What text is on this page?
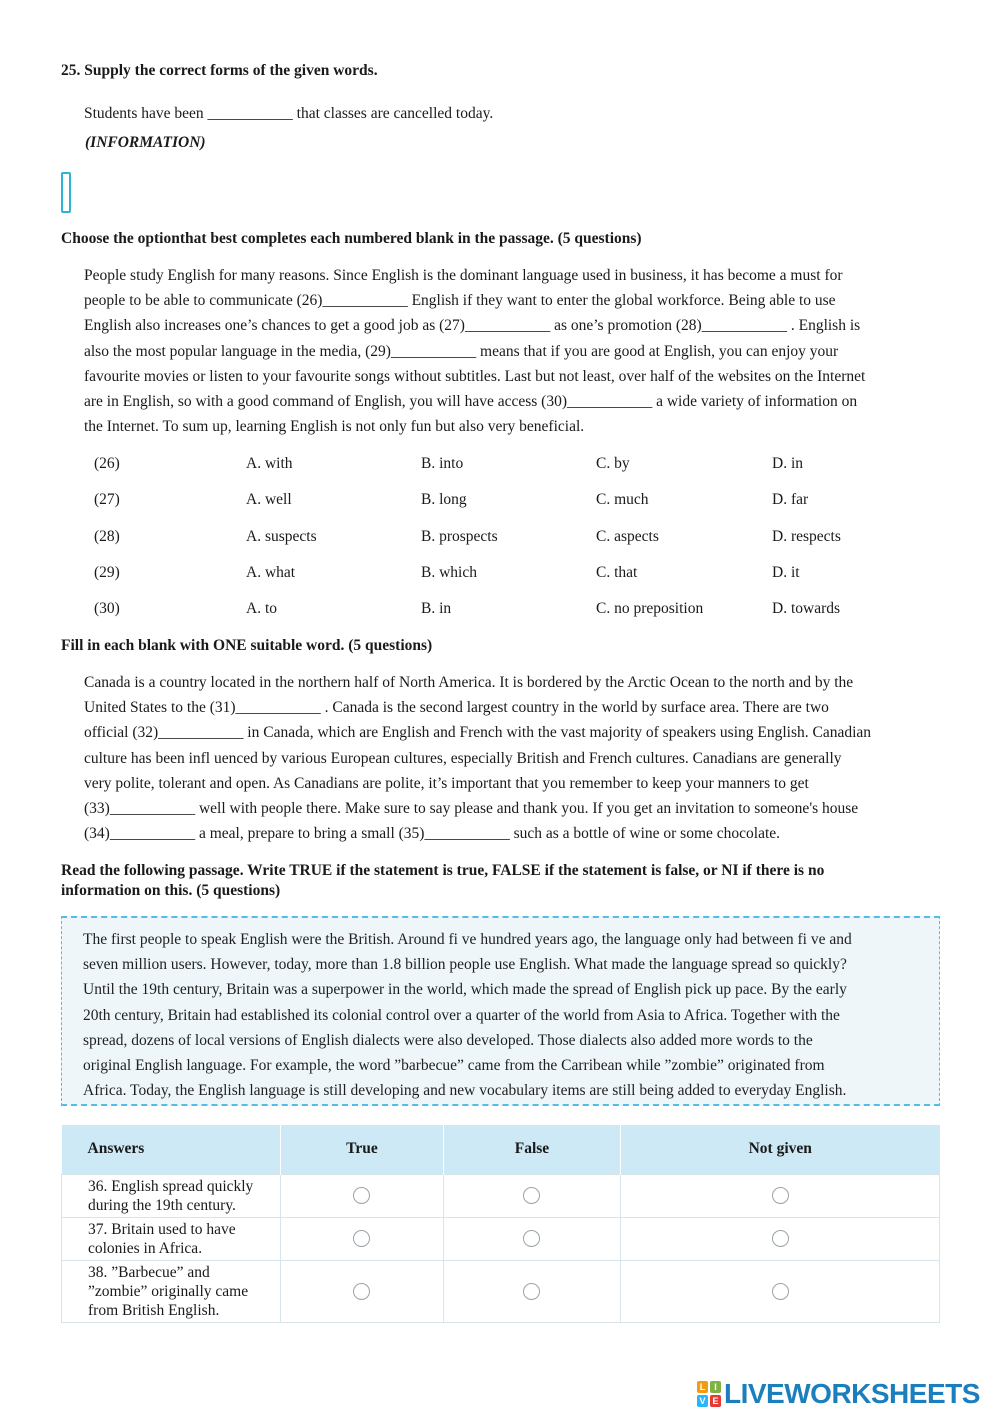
25. Supply the correct forms of the given words.

Students have been ___________ that classes are cancelled today.

(INFORMATION)
Choose the optionthat best completes each numbered blank in the passage. (5 questions)

People study English for many reasons. Since English is the dominant language used in business, it has become a must for

people to be able to communicate (26)___________ English if they want to enter the global workforce. Being able to use

English also increases one’s chances to get a good job as (27)___________ as one’s promotion (28)___________ . English is

also the most popular language in the media, (29)___________ means that if you are good at English, you can enjoy your

favourite movies or listen to your favourite songs without subtitles. Last but not least, over half of the websites on the Internet

are in English, so with a good command of English, you will have access (30)___________ a wide variety of information on

the Internet. To sum up, learning English is not only fun but also very beneficial.

(26)	A. with	B. into	C. by	D. in
(27)	A. well	B. long	C. much	D. far
(28)	A. suspects	B. prospects	C. aspects	D. respects
(29)	A. what	B. which	C. that	D. it
(30)	A. to	B. in	C. no preposition	D. towards
Fill in each blank with ONE suitable word. (5 questions)

Canada is a country located in the northern half of North America. It is bordered by the Arctic Ocean to the north and by the

United States to the (31)___________ . Canada is the second largest country in the world by surface area. There are two

official (32)___________ in Canada, which are English and French with the vast majority of speakers using English. Canadian

culture has been infl uenced by various European cultures, especially British and French cultures. Canadians are generally

very polite, tolerant and open. As Canadians are polite, it’s important that you remember to keep your manners to get

(33)___________ well with people there. Make sure to say please and thank you. If you get an invitation to someone's house

(34)___________ a meal, prepare to bring a small (35)___________ such as a bottle of wine or some chocolate.

Read the following passage. Write TRUE if the statement is true, FALSE if the statement is false, or NI if there is no
information on this. (5 questions)

The first people to speak English were the British. Around fi ve hundred years ago, the language only had between fi ve and

seven million users. However, today, more than 1.8 billion people use English. What made the language spread so quickly?

Until the 19th century, Britain was a superpower in the world, which made the spread of English pick up pace. By the early

20th century, Britain had established its colonial control over a quarter of the world from Asia to Africa. Together with the

spread, dozens of local versions of English dialects were also developed. Those dialects also added more words to the

original English language. For example, the word ”barbecue” came from the Carribean while ”zombie” originated from

Africa. Today, the English language is still developing and new vocabulary items are still being added to everyday English.

Answers	True	False	Not given

36. English spread quickly
during the 19th century.			

37. Britain used to have
colonies in Africa.			

38. ”Barbecue” and
”zombie” originally came
from British English.			

L I
V E LIVEWORKSHEETS
